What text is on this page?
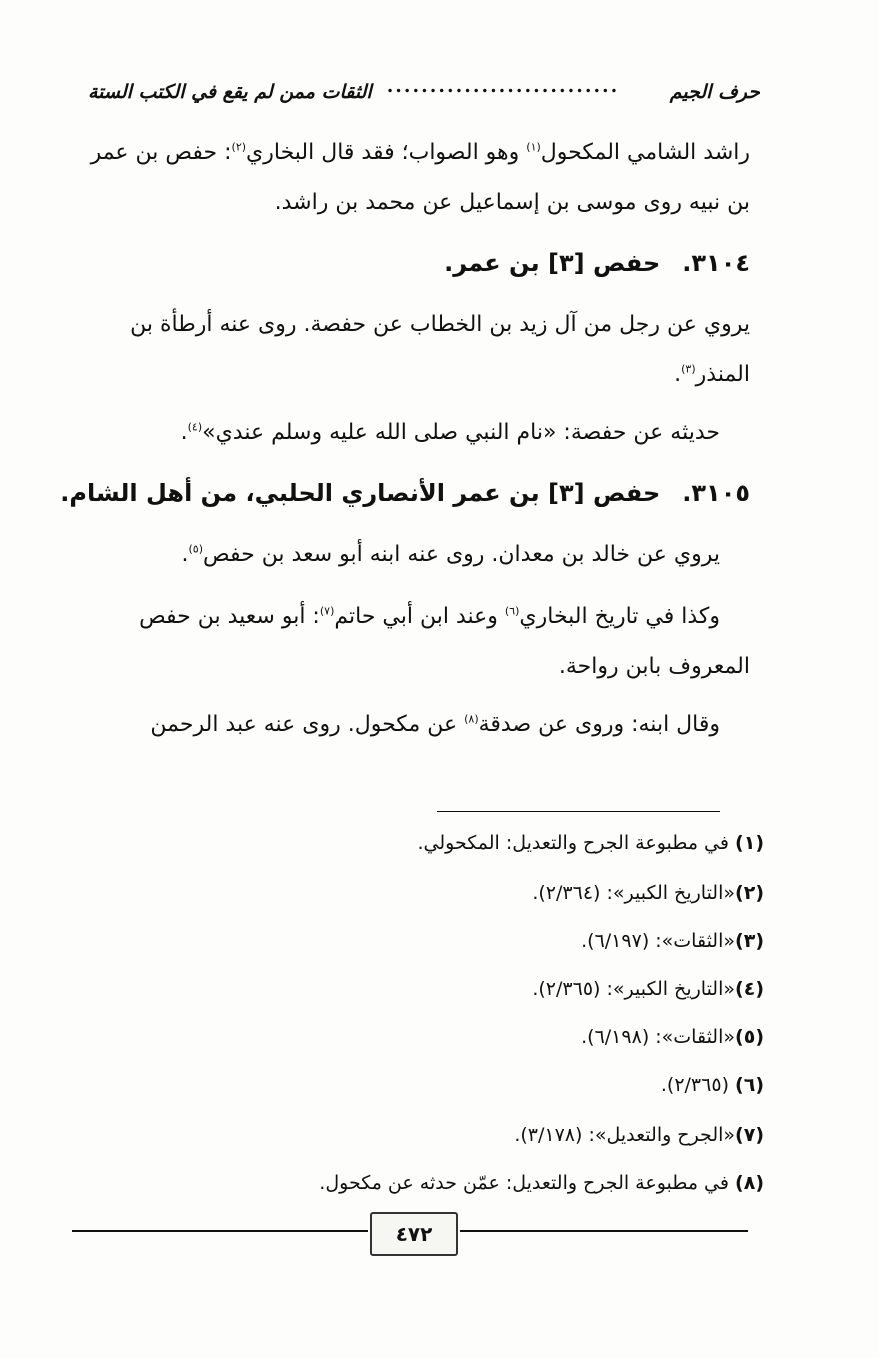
حرف الجيم
...........................
الثقات ممن لم يقع في الكتب الستة
راشد الشامي المكحول$^{(١)}$ وهو الصواب؛ فقد قال البخاري$^{(٢)}$: حفص بن عمر
بن نبيه روى موسى بن إسماعيل عن محمد بن راشد.
٣١٠٤.حفص [٣] بن عمر.
يروي عن رجل من آل زيد بن الخطاب عن حفصة. روى عنه أرطأة بن
المنذر$^{(٣)}$.
حديثه عن حفصة: «نام النبي صلى الله عليه وسلم عندي»$^{(٤)}$.
٣١٠٥.حفص [٣] بن عمر الأنصاري الحلبي، من أهل الشام.
يروي عن خالد بن معدان. روى عنه ابنه أبو سعد بن حفص$^{(٥)}$.
وكذا في تاريخ البخاري$^{(٦)}$ وعند ابن أبي حاتم$^{(٧)}$: أبو سعيد بن حفص
المعروف بابن رواحة.
وقال ابنه: وروى عن صدقة$^{(٨)}$ عن مكحول. روى عنه عبد الرحمن
(١) في مطبوعة الجرح والتعديل: المكحولي.
(٢)«التاريخ الكبير»: (٢/٣٦٤).
(٣)«الثقات»: (٦/١٩٧).
(٤)«التاريخ الكبير»: (٢/٣٦٥).
(٥)«الثقات»: (٦/١٩٨).
(٦) (٢/٣٦٥).
(٧)«الجرح والتعديل»: (٣/١٧٨).
(٨) في مطبوعة الجرح والتعديل: عمّن حدثه عن مكحول.
٤٧٢
